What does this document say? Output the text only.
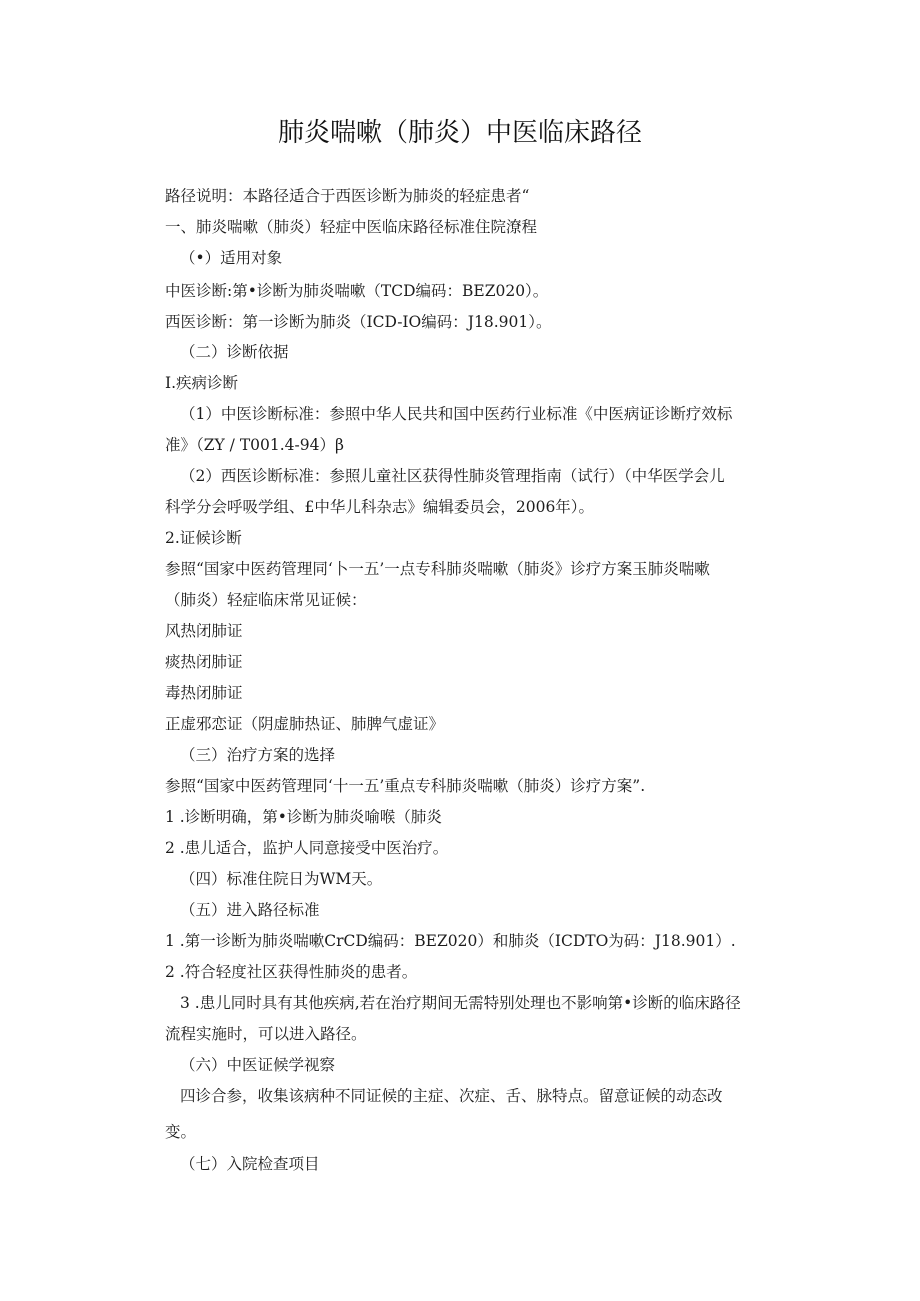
肺炎喘嗽（肺炎）中医临床路径
路径说明：本路径适合于西医诊断为肺炎的轻症患者“
一、肺炎喘嗽（肺炎）轻症中医临床路径标准住院潦程
（•）适用对象
中医诊断:第•诊断为肺炎喘嗽（TCD编码：BEZ020）。
西医诊断：第一诊断为肺炎（ICD-IO编码：J18.901）。
（二）诊断依据
I.疾病诊断
（1）中医诊断标准：参照中华人民共和国中医药行业标准《中医病证诊断疗效标
准》（ZY / T001.4-94）β
（2）西医诊断标准：参照儿童社区获得性肺炎管理指南（试行）（中华医学会儿
科学分会呼吸学组、£中华儿科杂志》编辑委员会，2006年）。
2.证候诊断
参照“国家中医药管理同‘卜一五’一点专科肺炎喘嗽（肺炎》诊疗方案玉肺炎喘嗽
（肺炎）轻症临床常见证候：
风热闭肺证
痰热闭肺证
毒热闭肺证
正虚邪恋证（阴虚肺热证、肺脾气虚证》
（三）治疗方案的选择
参照“国家中医药管理同‘十一五’重点专科肺炎喘嗽（肺炎）诊疗方案”.
1 .诊断明确，第•诊断为肺炎喻喉（肺炎
2 .患儿适合，监护人同意接受中医治疗。
（四）标准住院日为WM天。
（五）进入路径标准
1 .第一诊断为肺炎喘嗽CrCD编码：BEZ020）和肺炎（ICDTO为码：J18.901）.
2 .符合轻度社区获得性肺炎的患者。
3 .患儿同时具有其他疾病,若在治疗期间无需特别处理也不影响第•诊断的临床路径
流程实施时，可以进入路径。
（六）中医证候学视察
四诊合参，收集该病种不同证候的主症、次症、舌、脉特点。留意证候的动态改
变。
（七）入院检查项目
